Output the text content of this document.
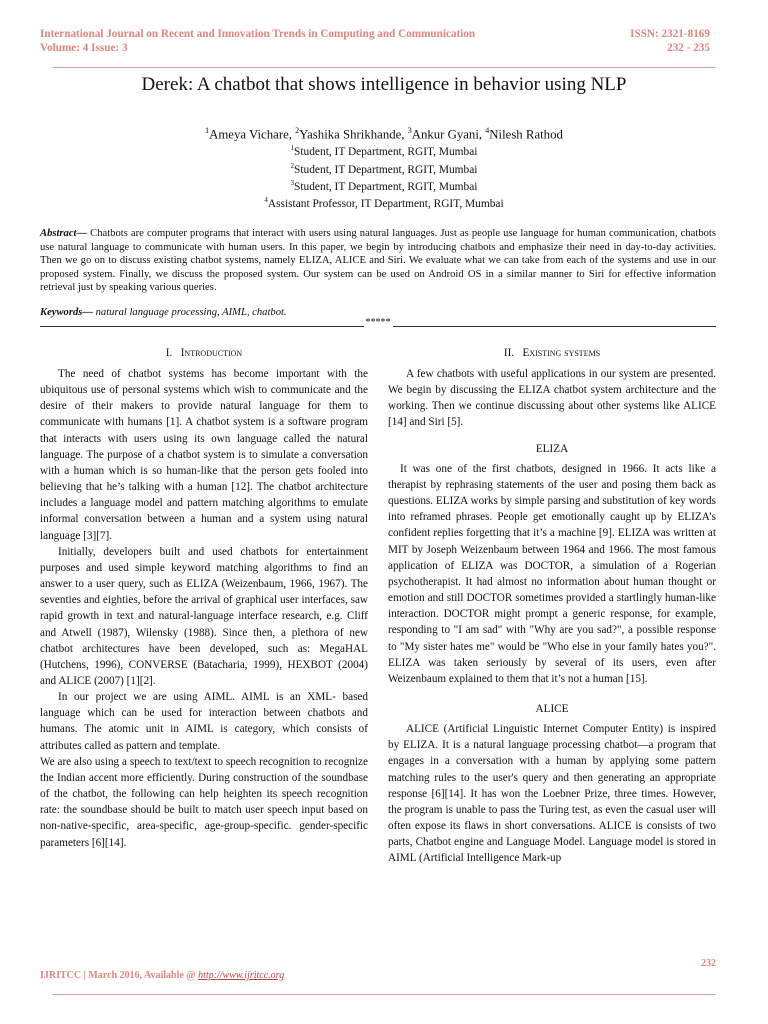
International Journal on Recent and Innovation Trends in Computing and Communication
Volume: 4 Issue: 3
ISSN: 2321-8169
232 - 235
Derek: A chatbot that shows intelligence in behavior using NLP
$^1$Ameya Vichare, $^2$Yashika Shrikhande, $^3$Ankur Gyani, $^4$Nilesh Rathod
$^1$Student, IT Department, RGIT, Mumbai
$^2$Student, IT Department, RGIT, Mumbai
$^3$Student, IT Department, RGIT, Mumbai
$^4$Assistant Professor, IT Department, RGIT, Mumbai
Abstract— Chatbots are computer programs that interact with users using natural languages. Just as people use language for human communication, chatbots use natural language to communicate with human users. In this paper, we begin by introducing chatbots and emphasize their need in day-to-day activities. Then we go on to discuss existing chatbot systems, namely ELIZA, ALICE and Siri. We evaluate what we can take from each of the systems and use in our proposed system. Finally, we discuss the proposed system. Our system can be used on Android OS in a similar manner to Siri for effective information retrieval just by speaking various queries.
Keywords— natural language processing, AIML, chatbot.
*****
I. Introduction

The need of chatbot systems has become important with the ubiquitous use of personal systems which wish to communicate and the desire of their makers to provide natural language for them to communicate with humans [1]. A chatbot system is a software program that interacts with users using its own language called the natural language. The purpose of a chatbot system is to simulate a conversation with a human which is so human-like that the person gets fooled into believing that he’s talking with a human [12]. The chatbot architecture includes a language model and pattern matching algorithms to emulate informal conversation between a human and a system using natural language [3][7].

Initially, developers built and used chatbots for entertainment purposes and used simple keyword matching algorithms to find an answer to a user query, such as ELIZA (Weizenbaum, 1966, 1967). The seventies and eighties, before the arrival of graphical user interfaces, saw rapid growth in text and natural-language interface research, e.g. Cliff and Atwell (1987), Wilensky (1988). Since then, a plethora of new chatbot architectures have been developed, such as: MegaHAL (Hutchens, 1996), CONVERSE (Batacharia, 1999), HEXBOT (2004) and ALICE (2007) [1][2].

In our project we are using AIML. AIML is an XML- based language which can be used for interaction between chatbots and humans. The atomic unit in AIML is category, which consists of attributes called as pattern and template.

We are also using a speech to text/text to speech recognition to recognize the Indian accent more efficiently. During construction of the soundbase of the chatbot, the following can help heighten its speech recognition rate: the soundbase should be built to match user speech input based on non-native-specific, area-specific, age-group-specific. gender-specific parameters [6][14].

II. Existing systems

A few chatbots with useful applications in our system are presented. We begin by discussing the ELIZA chatbot system architecture and the working. Then we continue discussing about other systems like ALICE [14] and Siri [5].

ELIZA

It was one of the first chatbots, designed in 1966. It acts like a therapist by rephrasing statements of the user and posing them back as questions. ELIZA works by simple parsing and substitution of key words into reframed phrases. People get emotionally caught up by ELIZA’s confident replies forgetting that it’s a machine [9]. ELIZA was written at MIT by Joseph Weizenbaum between 1964 and 1966. The most famous application of ELIZA was DOCTOR, a simulation of a Rogerian psychotherapist. It had almost no information about human thought or emotion and still DOCTOR sometimes provided a startlingly human-like interaction. DOCTOR might prompt a generic response, for example, responding to "I am sad" with "Why are you sad?", a possible response to "My sister hates me" would be "Who else in your family hates you?". ELIZA was taken seriously by several of its users, even after Weizenbaum explained to them that it’s not a human [15].

ALICE

ALICE (Artificial Linguistic Internet Computer Entity) is inspired by ELIZA. It is a natural language processing chatbot—a program that engages in a conversation with a human by applying some pattern matching rules to the user's query and then generating an appropriate response [6][14]. It has won the Loebner Prize, three times. However, the program is unable to pass the Turing test, as even the casual user will often expose its flaws in short conversations. ALICE is consists of two parts, Chatbot engine and Language Model. Language model is stored in AIML (Artificial Intelligence Mark-up

232
IJRITCC | March 2016, Available @ http://www.ijritcc.org
